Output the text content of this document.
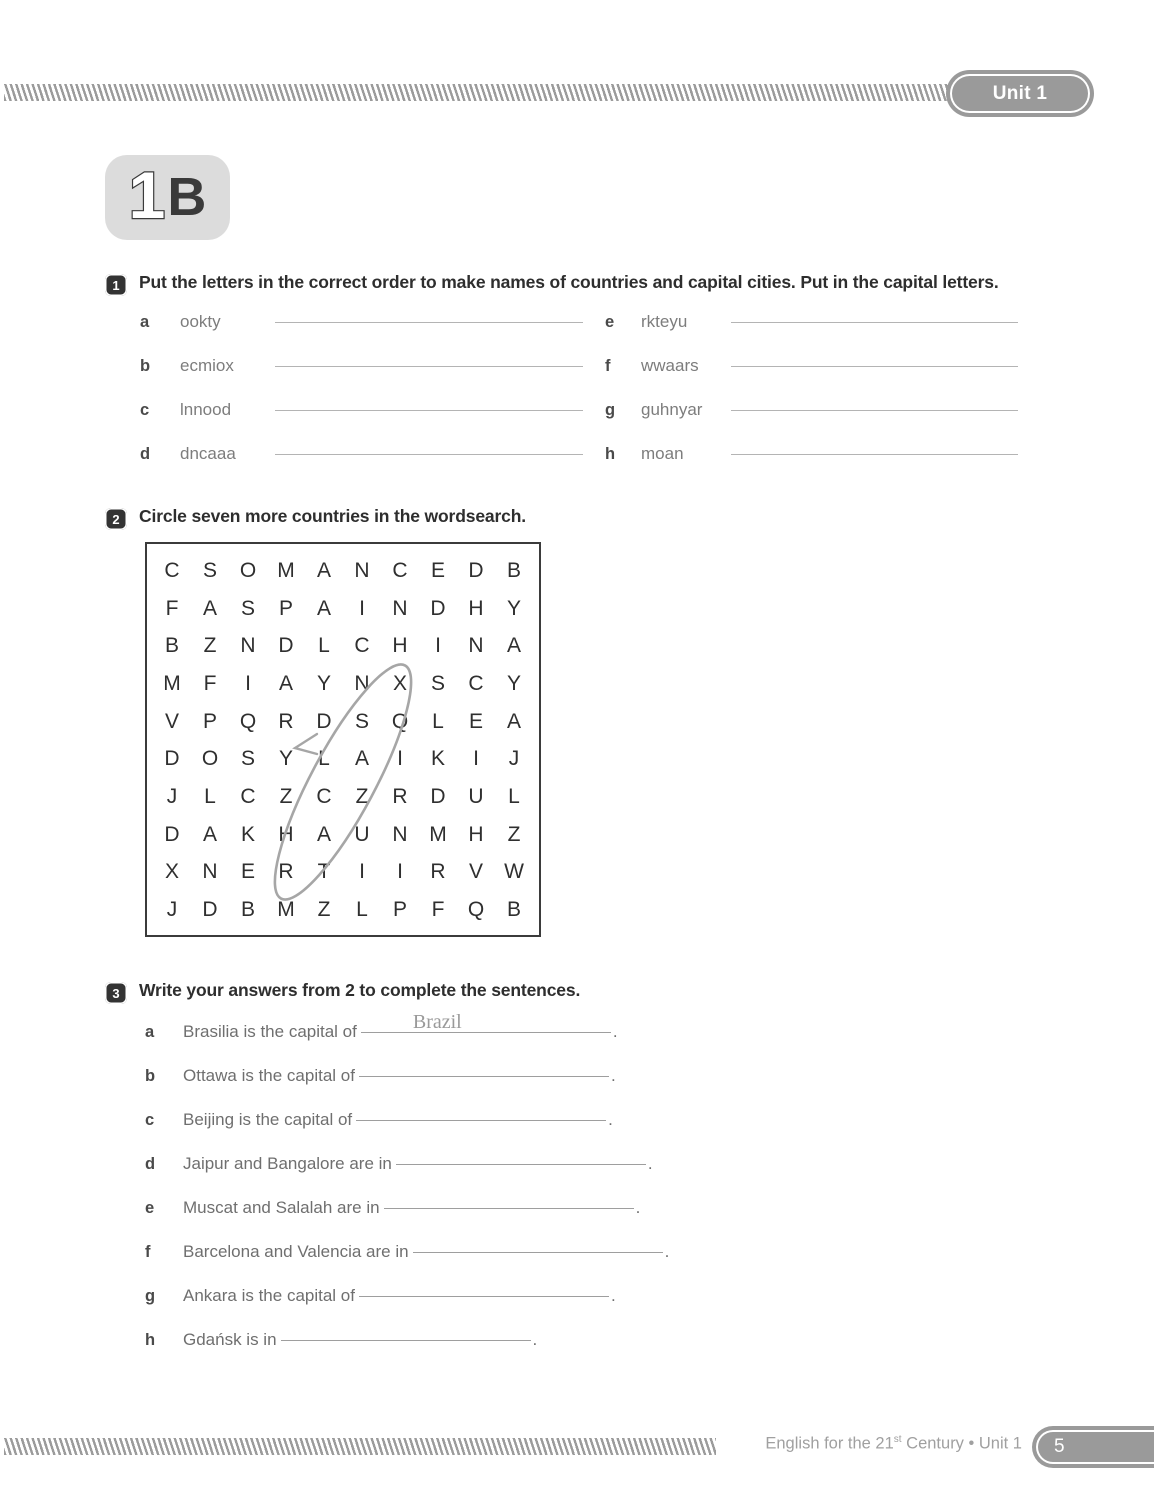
Unit 1
1 B
1	Put the letters in the correct order to make names of countries and capital cities. Put in the capital letters.
a	ookty	e	rkteyu
b	ecmiox	f	wwaars
c	lnnood	g	guhnyar
d	dncaaa	h	moan
2	Circle seven more countries in the wordsearch.
C	S	O	M	A	N	C	E	D	B
F	A	S	P	A	I	N	D	H	Y
B	Z	N	D	L	C	H	I	N	A
M	F	I	A	Y	N	X	S	C	Y
V	P	Q	R	D	S	Q	L	E	A
D	O	S	Y	L	A	I	K	I	J
J	L	C	Z	C	Z	R	D	U	L
D	A	K	H	A	U	N	M	H	Z
X	N	E	R	T	I	I	R	V	W
J	D	B	M	Z	L	P	F	Q	B
3	Write your answers from 2 to complete the sentences.
a	Brasilia is the capital of	Brazil	.
b	Ottawa is the capital of	.
c	Beijing is the capital of	.
d	Jaipur and Bangalore are in	.
e	Muscat and Salalah are in	.
f	Barcelona and Valencia are in	.
g	Ankara is the capital of	.
h	Gdańsk is in	.
English for the 21st Century • Unit 1 5
